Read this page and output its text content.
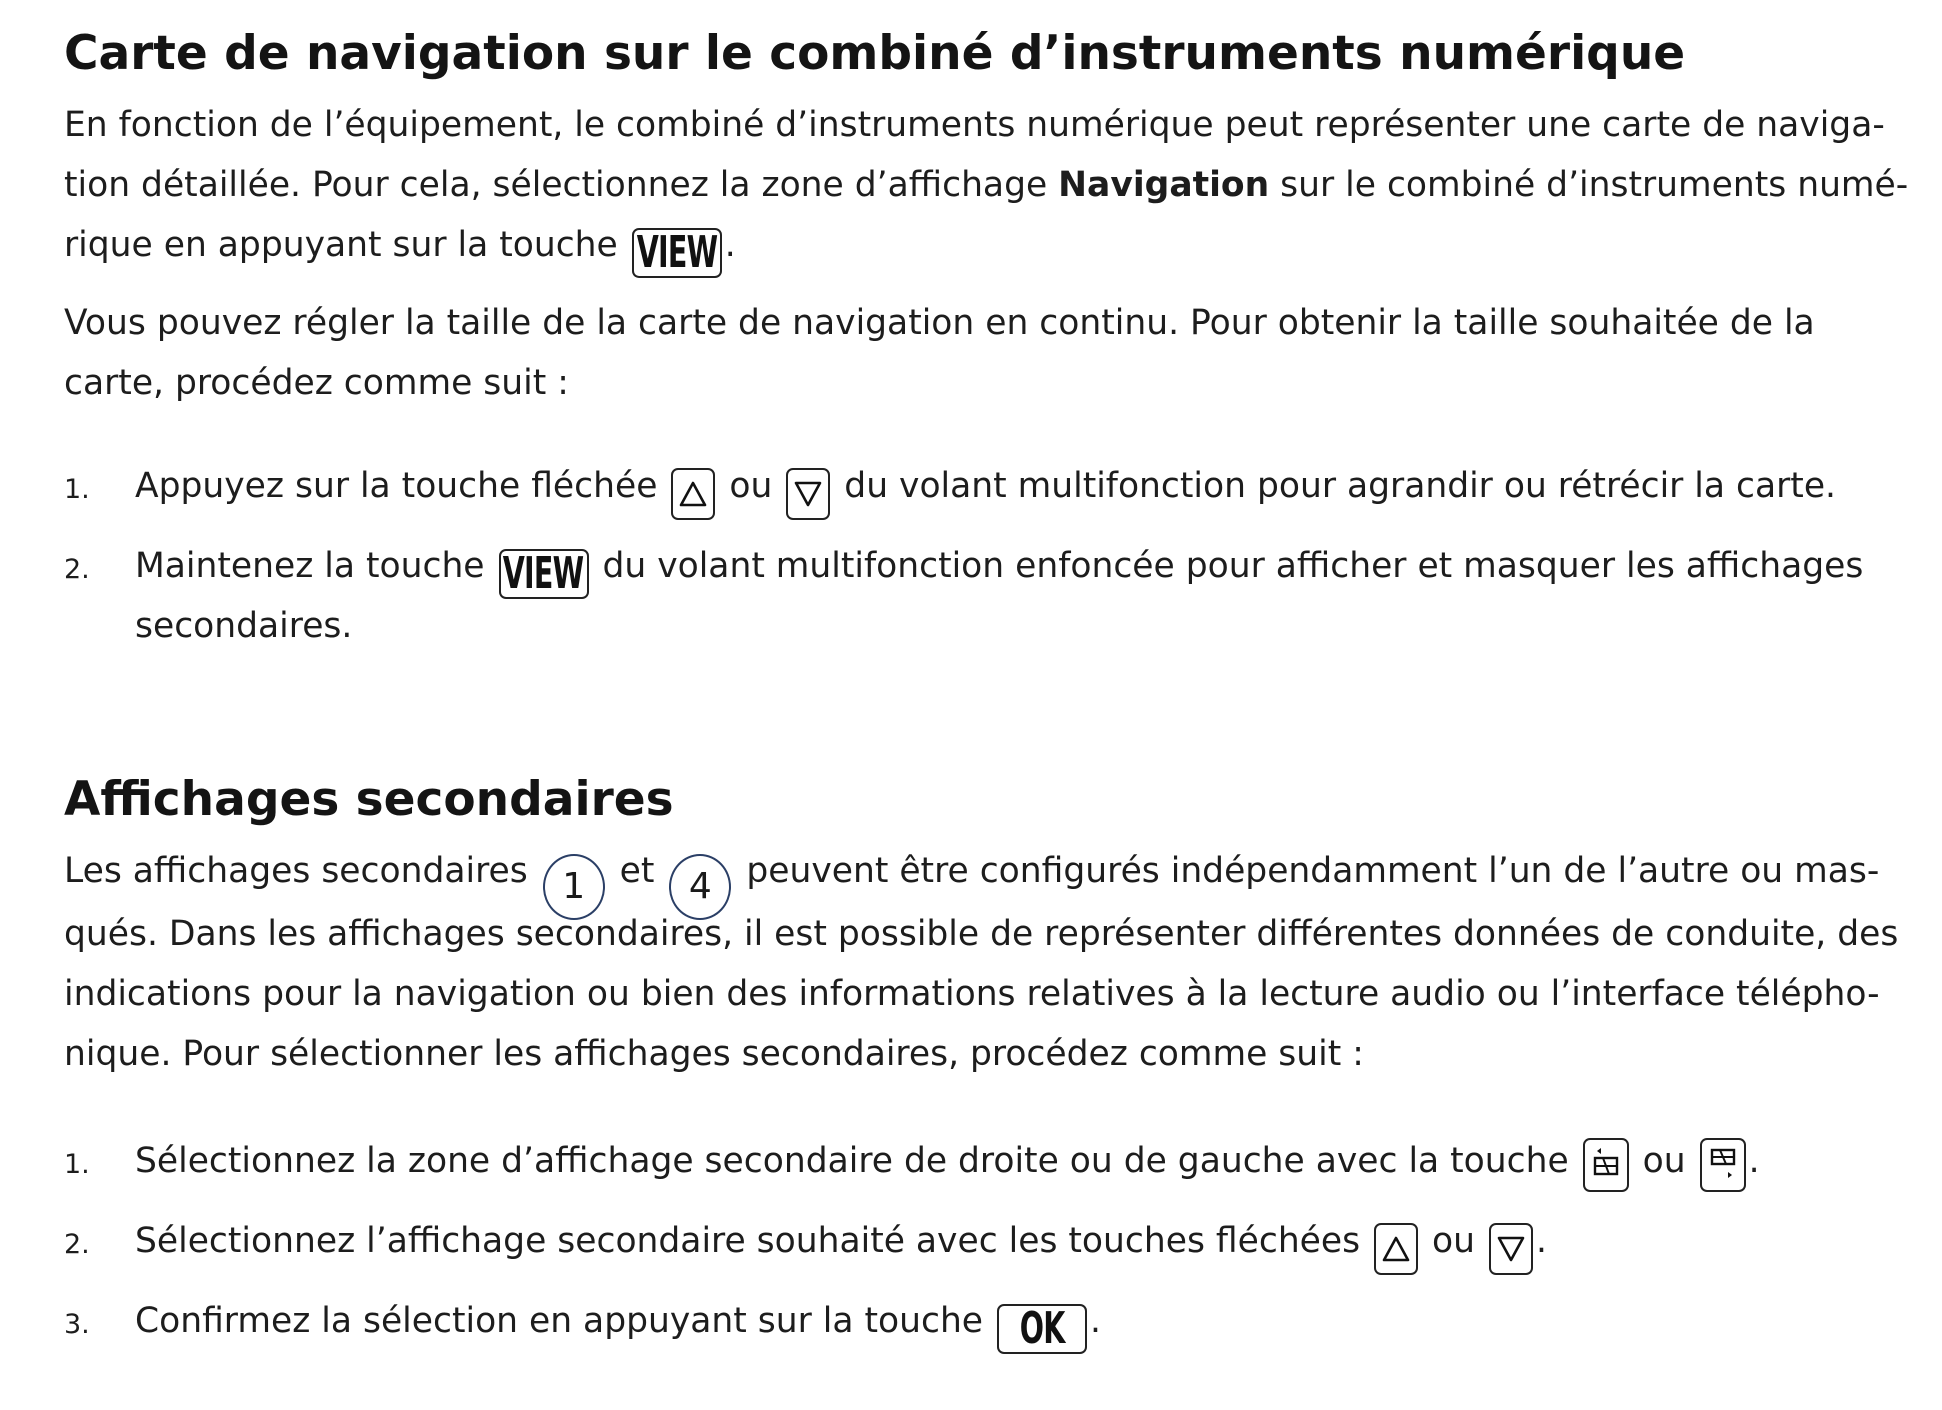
Carte de navigation sur le combiné d’instruments numérique
En fonction de l’équipement, le combiné d’instruments numérique peut représenter une carte de naviga-
tion détaillée. Pour cela, sélectionnez la zone d’affichage Navigation sur le combiné d’instruments numé-
rique en appuyant sur la touche VIEW .
Vous pouvez régler la taille de la carte de navigation en continu. Pour obtenir la taille souhaitée de la
carte, procédez comme suit :
1. Appuyez sur la touche fléchée
ou
du volant multifonction pour agrandir ou rétrécir la carte.
2. Maintenez la touche VIEW du volant multifonction enfoncée pour afficher et masquer les affichages
secondaires.
Affichages secondaires
Les affichages secondaires 1 et 4 peuvent être configurés indépendamment l’un de l’autre ou mas-
qués. Dans les affichages secondaires, il est possible de représenter différentes données de conduite, des
indications pour la navigation ou bien des informations relatives à la lecture audio ou l’interface télépho-
nique. Pour sélectionner les affichages secondaires, procédez comme suit :
1. Sélectionnez la zone d’affichage secondaire de droite ou de gauche avec la touche
ou
.
2. Sélectionnez l’affichage secondaire souhaité avec les touches fléchées
ou
.
3. Confirmez la sélection en appuyant sur la touche OK .
